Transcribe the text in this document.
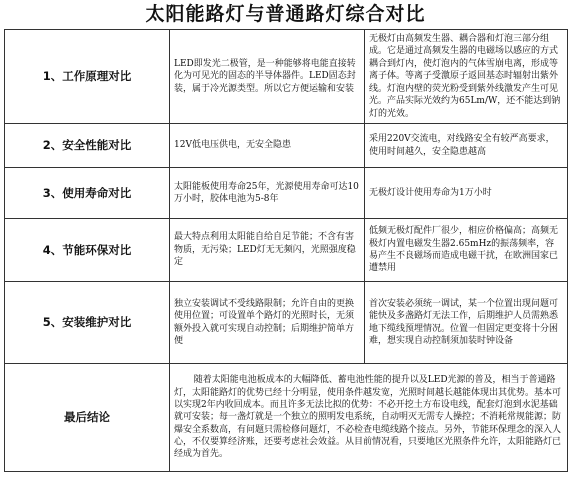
太阳能路灯与普通路灯综合对比
1、工作原理对比	LED即发光二极管，是一种能够将电能直接转化为可见光的固态的半导体器件。LED固态封装，属于冷光源类型。所以它方便运输和安装	无极灯由高频发生器、耦合器和灯泡三部分组成。它是通过高频发生器的电磁场以感应的方式耦合到灯内，使灯泡内的气体雪崩电离，形成等离子体。等离子受激原子返回基态时辐射出紫外线。灯泡内壁的荧光粉受到紫外线激发产生可见光。产品实际光效约为65Lm/W，还不能达到钠灯的光效。
2、安全性能对比	12V低电压供电，无安全隐患	采用220V交流电，对线路安全有较严高要求，使用时间越久，安全隐患越高
3、使用寿命对比	太阳能板使用寿命25年，光源使用寿命可达10万小时，胶体电池为5-8年	无极灯设计使用寿命为1万小时
4、节能环保对比	最大特点利用太阳能自给自足节能；不含有害物质，无污染；LED灯无无频闪，光照强度稳定	低频无极灯配件厂很少，相应价格偏高；高频无极灯内置电磁发生器2.65mHz的振荡频率，容易产生不良磁场而造成电磁干扰，在欧洲国家已遭禁用
5、安装维护对比	独立安装调试不受线路限制；允许自由的更换使用位置；可设置单个路灯的光照时长，无须额外投入就可实现自动控制；后期维护简单方便	首次安装必须统一调试，某一个位置出现问题可能快及多盏路灯无法工作，后期维护人员需熟悉地下缆线预埋情况。位置一但固定更变将十分困难，想实现自动控制须加装时钟设备
最后结论	随着太阳能电池板成本的大幅降低、蓄电池性能的提升以及LED光源的普及，相当于普通路灯，太阳能路灯的优势已经十分明显，使用条件越发宽，光照时间越长越能体现出其优势。基本可以实现2年内收回成本。而且许多无法比拟的优势：不必开挖土方布设电线，配套灯泡到水泥基础就可安装；每一盏灯就是一个独立的照明发电系统，自动明灭无需专人操控；不消耗常规能源；防爆安全系数高，有问题只需检修问题灯，不必检查电缆线路个接点。另外，节能环保理念的深入人心，不仅要算经济账，还要考虑社会效益。从目前情况看，只要地区光照条件允许，太阳能路灯已经成为首先。	
